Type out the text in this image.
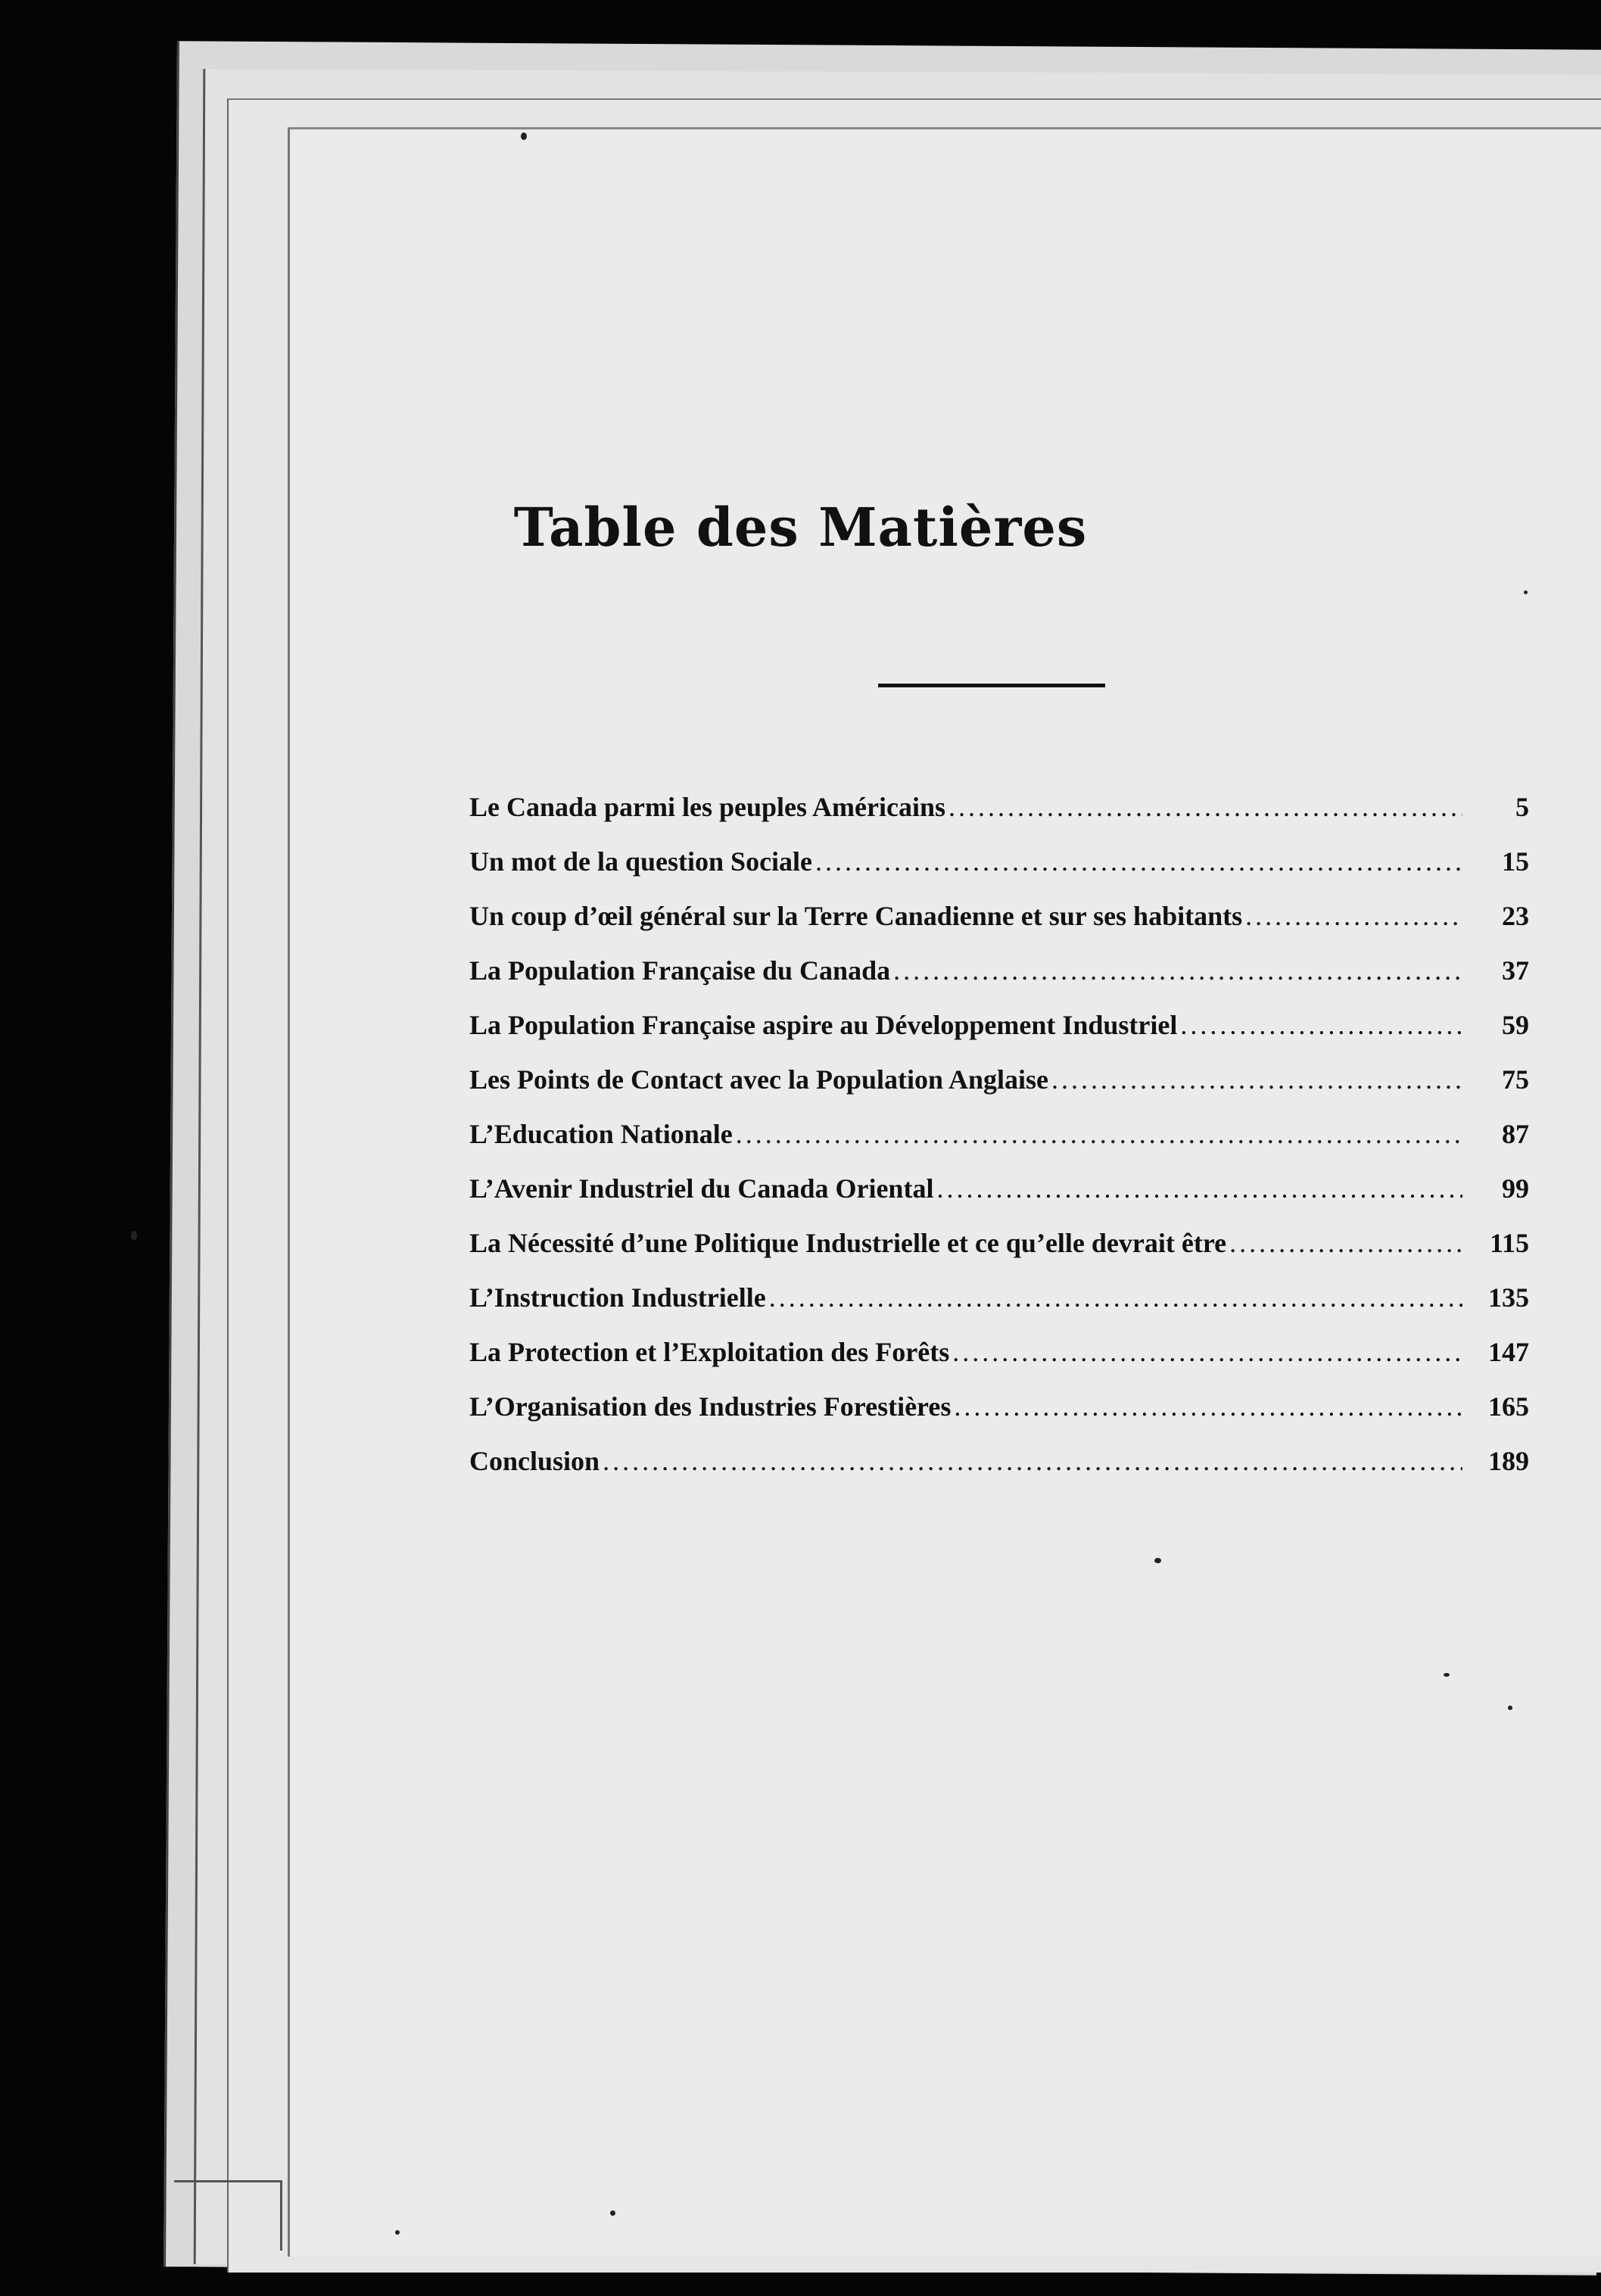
Table des Matières
Le Canada parmi les peuples Américains .....	5
Un mot de la question Sociale .....	15
Un coup d’œil général sur la Terre Canadienne et sur ses habitants .....	23
La Population Française du Canada .....	37
La Population Française aspire au Développement Industriel .....	59
Les Points de Contact avec la Population Anglaise .....	75
L’Education Nationale .....	87
L’Avenir Industriel du Canada Oriental .....	99
La Nécessité d’une Politique Industrielle et ce qu’elle devrait être .....	115
L’Instruction Industrielle .....	135
La Protection et l’Exploitation des Forêts .....	147
L’Organisation des Industries Forestières .....	165
Conclusion .....	189
